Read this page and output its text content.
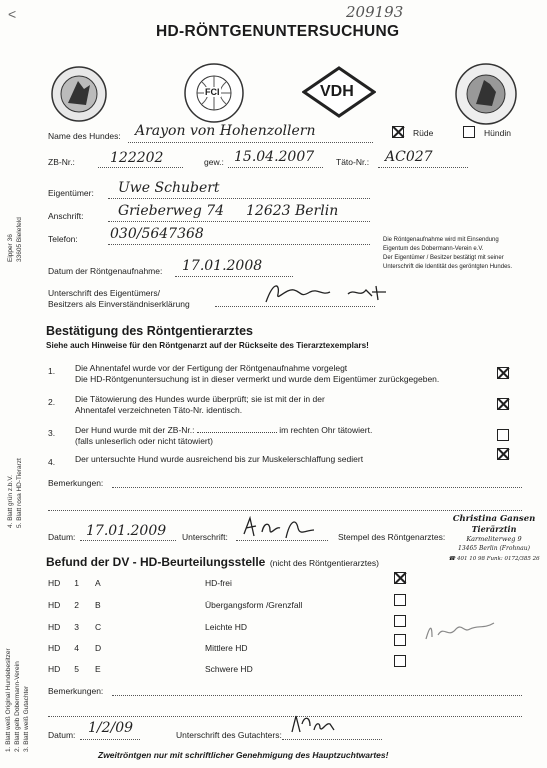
<	209193
HD-RÖNTGENUNTERSUCHUNG
FCI	VDH
Name des Hundes: Arayon von Hohenzollern	Rüde	Hündin
ZB-Nr.:	122202	gew.: 15.04.2007	Täto-Nr.: AC027
Eigentümer: Uwe Schubert
Anschrift: Grieberweg 74 12623 Berlin
Telefon: 030/5647368	Die Röntgenaufnahme wird mit Einsendung
Eigentum des Dobermann-Verein e.V.
Der Eigentümer / Besitzer bestätigt mit seiner
Unterschrift die Identität des geröntgten Hundes.
Datum der Röntgenaufnahme: 17.01.2008
Unterschrift des Eigentümers/
Besitzers als Einverständniserklärung
Bestätigung des Röntgentierarztes
Siehe auch Hinweise für den Röntgenarzt auf der Rückseite des Tierarztexemplars!
1. Die Ahnentafel wurde vor der Fertigung der Röntgenaufnahme vorgelegt
Die HD-Röntgenuntersuchung ist in dieser vermerkt und wurde dem Eigentümer zurückgegeben.
2. Die Tätowierung des Hundes wurde überprüft; sie ist mit der in der
Ahnentafel verzeichneten Täto-Nr. identisch.
3. Der Hund wurde mit der ZB-Nr.:	im rechten Ohr tätowiert.
(falls unleserlich oder nicht tätowiert)
4. Der untersuchte Hund wurde ausreichend bis zur Muskelerschlaffung sediert
Bemerkungen:
Datum: 17.01.2009 Unterschrift:	Stempel des Röntgenarztes:
Christina Gansen
Tierärztin
Karmeliterweg 9
13465 Berlin (Frohnau)
☎ 401 10 98 Funk: 0172/385 26
Befund der DV - HD-Beurteilungsstelle (nicht des Röntgentierarztes)
HD 1 A	HD-frei
HD 2 B	Übergangsform /Grenzfall
HD 3 C	Leichte HD
HD 4 D	Mittlere HD
HD 5 E	Schwere HD
Bemerkungen:
Datum: 1/2/09	Unterschrift des Gutachters:
Zweitröntgen nur mit schriftlicher Genehmigung des Hauptzuchtwartes!
Eipper 36 33605 Bielefeld
4. Blatt grün z.b.V. 5. Blatt rosa HD-Tierarzt
1. Blatt weiß Original Hundebesitzer 2. Blatt gelb Dobermann-Verein 3. Blatt weiß Gutachter
